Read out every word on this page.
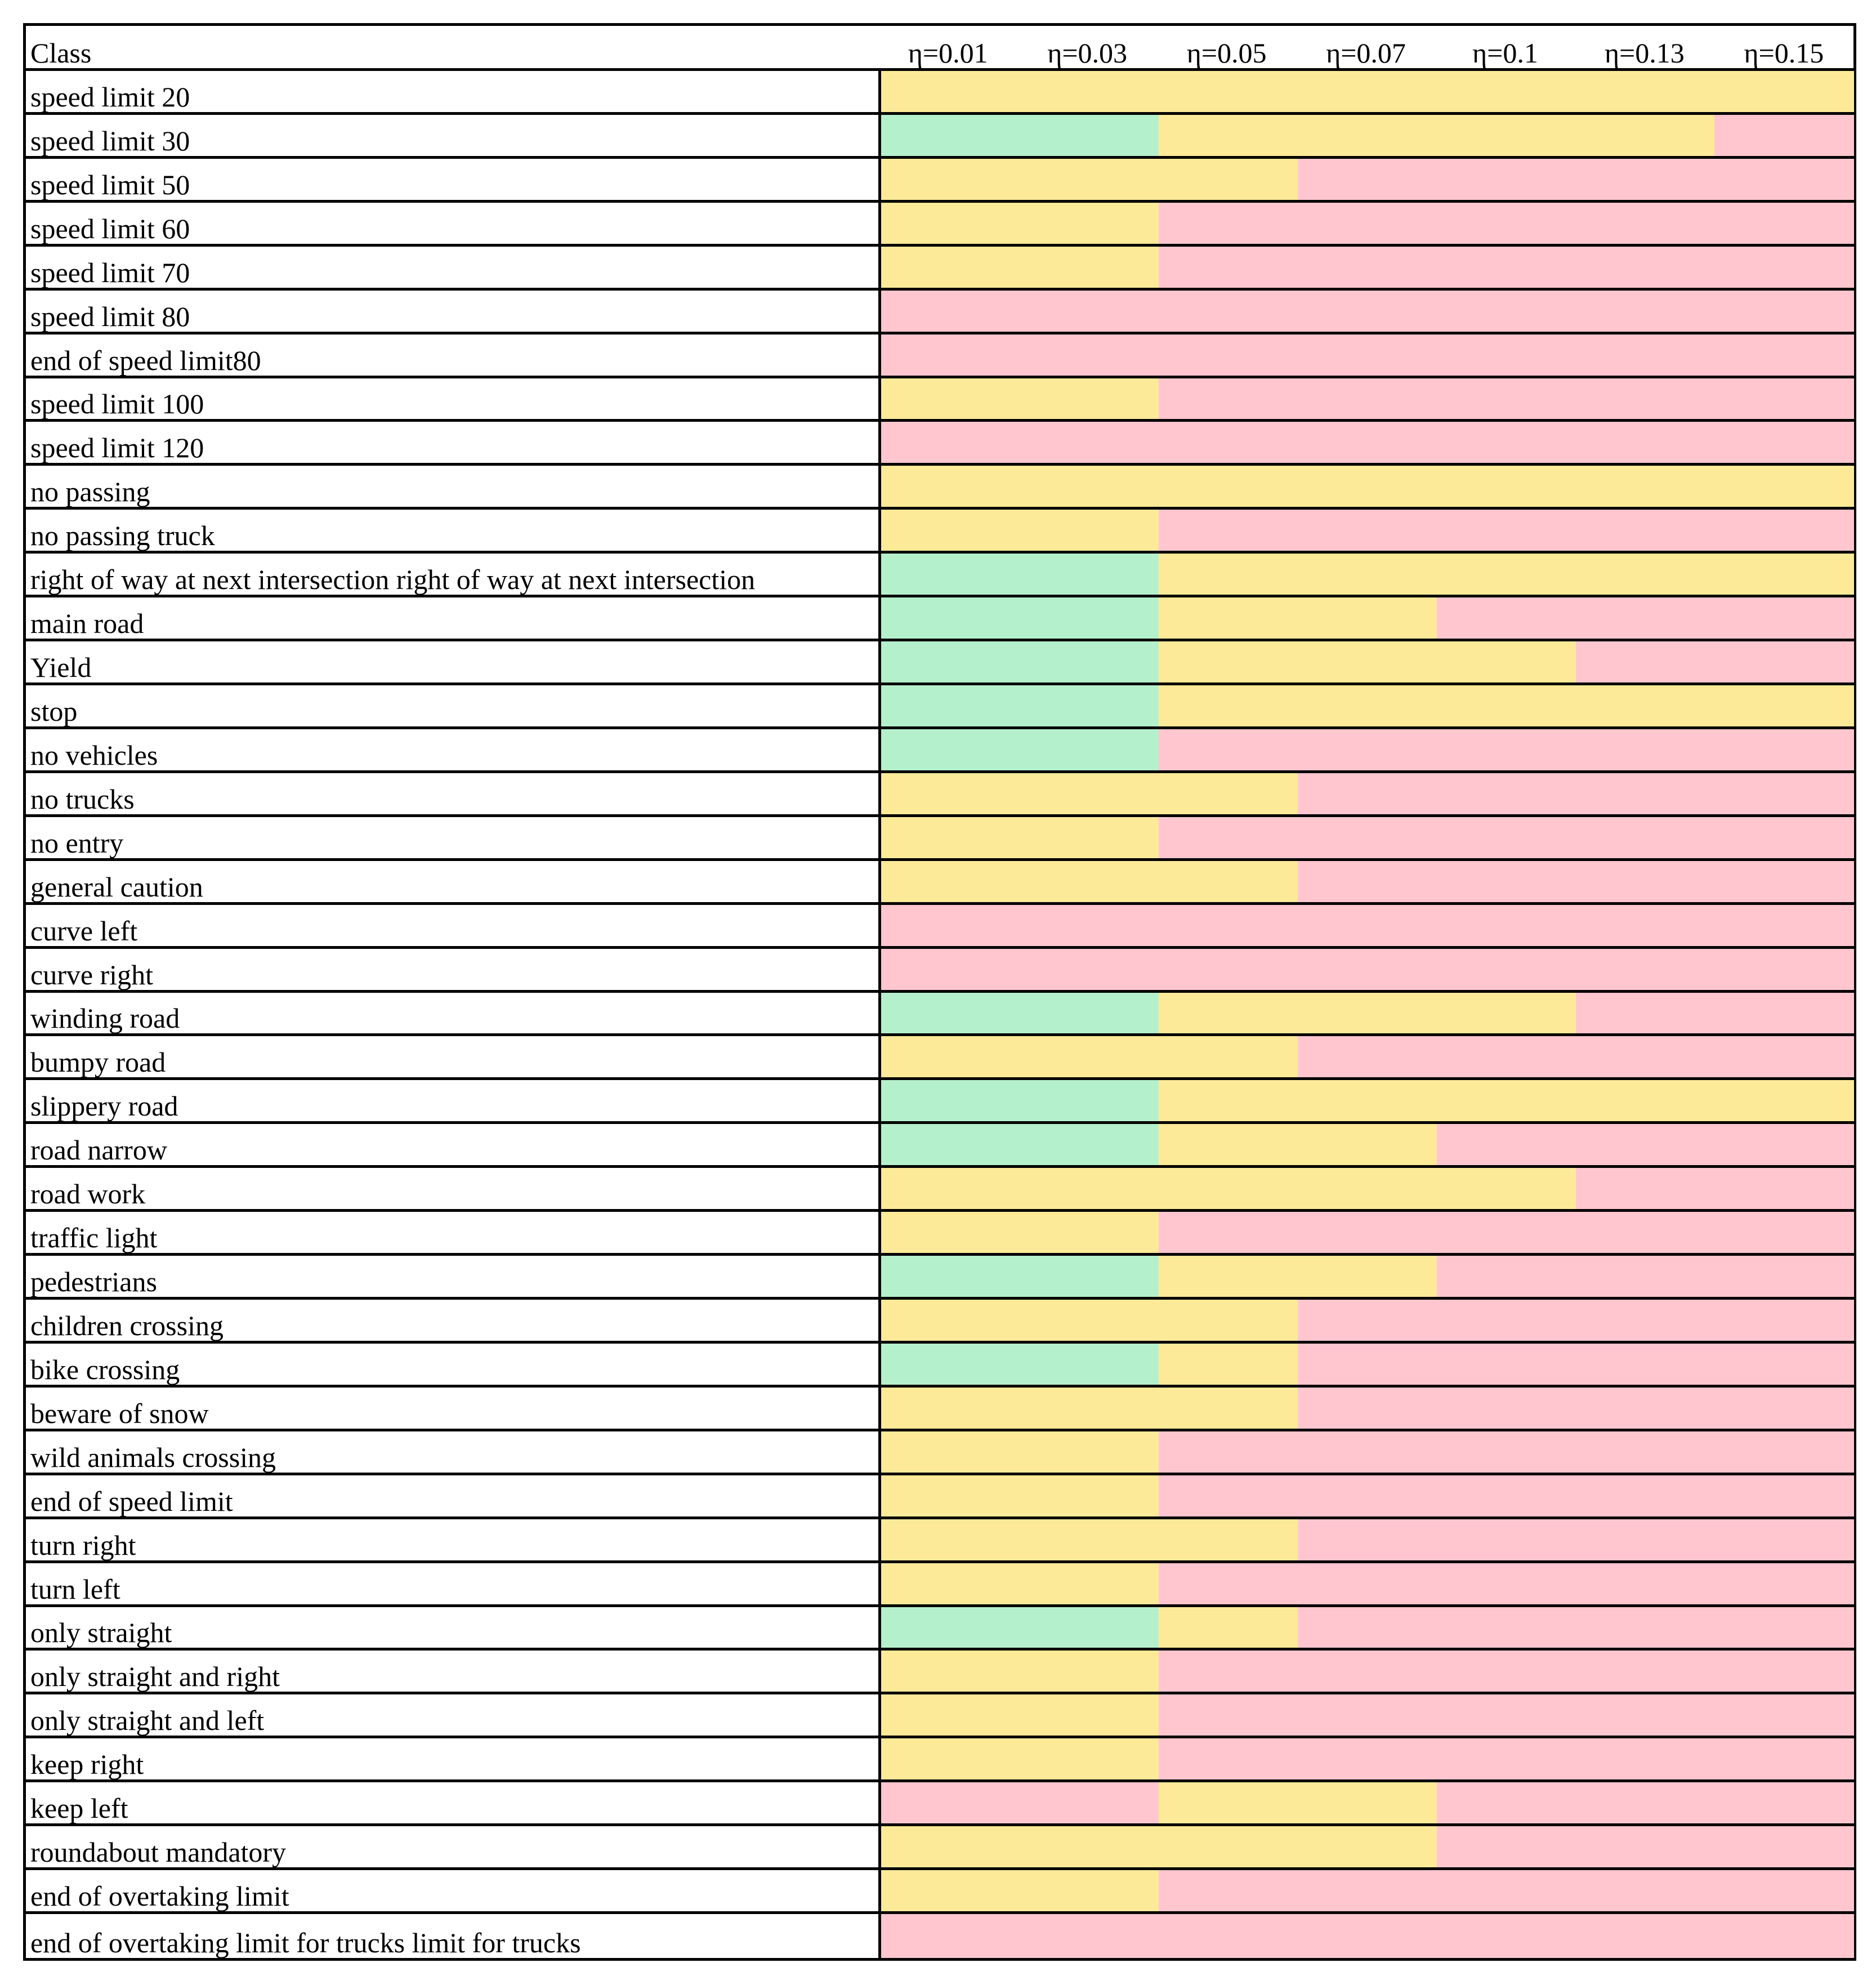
Class	η=0.01 η=0.03 η=0.05 η=0.07 η=0.1 η=0.13 η=0.15
speed limit 20
speed limit 30
speed limit 50
speed limit 60
speed limit 70
speed limit 80
end of speed limit80
speed limit 100
speed limit 120
no passing
no passing truck
right of way at next intersection right of way at next intersection
main road
Yield
stop
no vehicles
no trucks
no entry
general caution
curve left
curve right
winding road
bumpy road
slippery road
road narrow
road work
traffic light
pedestrians
children crossing
bike crossing
beware of snow
wild animals crossing
end of speed limit
turn right
turn left
only straight
only straight and right
only straight and left
keep right
keep left
roundabout mandatory
end of overtaking limit
end of overtaking limit for trucks limit for trucks
